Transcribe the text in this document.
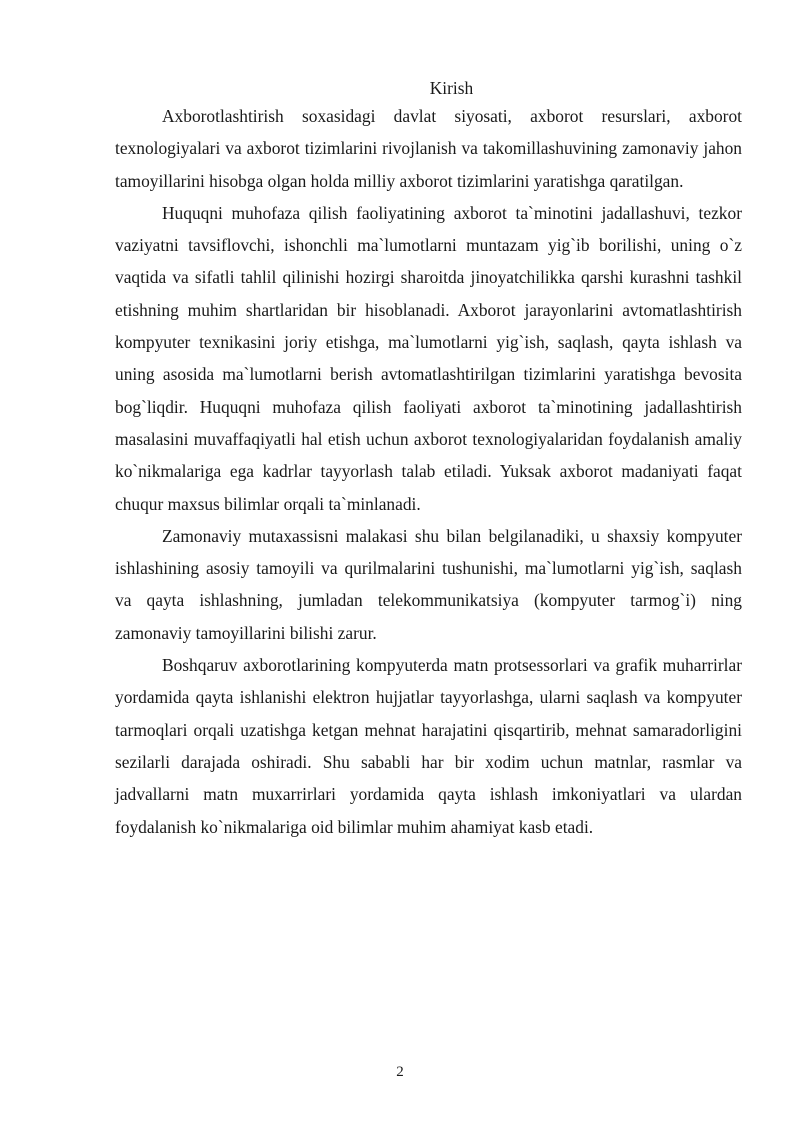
Kirish

Axborotlashtirish soxasidagi davlat siyosati, axborot resurslari, axborot texnologiyalari va axborot tizimlarini rivojlanish va takomillashuvining zamonaviy jahon tamoyillarini hisobga olgan holda milliy axborot tizimlarini yaratishga qaratilgan.

Huquqni muhofaza qilish faoliyatining axborot ta`minotini jadallashuvi, tezkor vaziyatni tavsiflovchi, ishonchli ma`lumotlarni muntazam yig`ib borilishi, uning o`z vaqtida va sifatli tahlil qilinishi hozirgi sharoitda jinoyatchilikka qarshi kurashni tashkil etishning muhim shartlaridan bir hisoblanadi. Axborot jarayonlarini avtomatlashtirish kompyuter texnikasini joriy etishga, ma`lumotlarni yig`ish, saqlash, qayta ishlash va uning asosida ma`lumotlarni berish avtomatlashtirilgan tizimlarini yaratishga bevosita bog`liqdir. Huquqni muhofaza qilish faoliyati axborot ta`minotining jadallashtirish masalasini muvaffaqiyatli hal etish uchun axborot texnologiyalaridan foydalanish amaliy ko`nikmalariga ega kadrlar tayyorlash talab etiladi. Yuksak axborot madaniyati faqat chuqur maxsus bilimlar orqali ta`minlanadi.

Zamonaviy mutaxassisni malakasi shu bilan belgilanadiki, u shaxsiy kompyuter ishlashining asosiy tamoyili va qurilmalarini tushunishi, ma`lumotlarni yig`ish, saqlash va qayta ishlashning, jumladan telekommunikatsiya (kompyuter tarmog`i) ning zamonaviy tamoyillarini bilishi zarur.

Boshqaruv axborotlarining kompyuterda matn protsessorlari va grafik muharrirlar yordamida qayta ishlanishi elektron hujjatlar tayyorlashga, ularni saqlash va kompyuter tarmoqlari orqali uzatishga ketgan mehnat harajatini qisqartirib, mehnat samaradorligini sezilarli darajada oshiradi. Shu sababli har bir xodim uchun matnlar, rasmlar va jadvallarni matn muxarrirlari yordamida qayta ishlash imkoniyatlari va ulardan foydalanish ko`nikmalariga oid bilimlar muhim ahamiyat kasb etadi.

2
